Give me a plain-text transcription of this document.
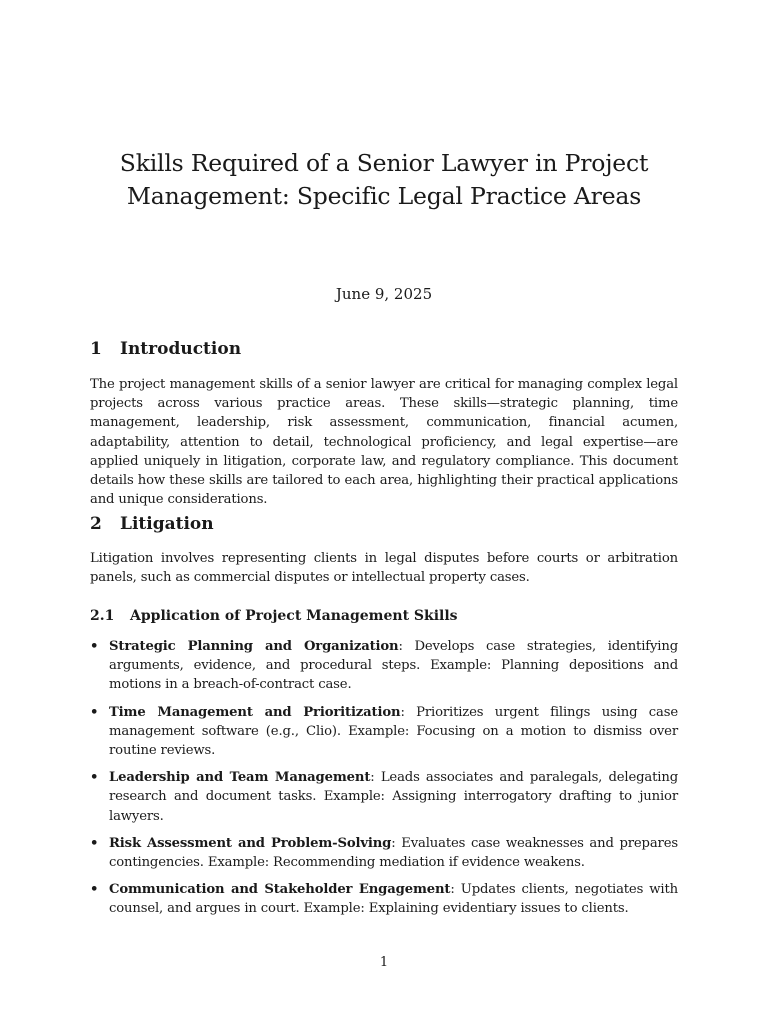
Skills Required of a Senior Lawyer in Project Management: Specific Legal Practice Areas
June 9, 2025
1 Introduction

The project management skills of a senior lawyer are critical for managing complex legal projects across various practice areas. These skills—strategic planning, time management, leadership, risk assessment, communication, financial acumen, adaptability, attention to detail, technological proficiency, and legal expertise—are applied uniquely in litigation, corporate law, and regulatory compliance. This document details how these skills are tailored to each area, highlighting their practical applications and unique considerations.

2 Litigation

Litigation involves representing clients in legal disputes before courts or arbitration panels, such as commercial disputes or intellectual property cases.

2.1 Application of Project Management Skills
• Strategic Planning and Organization: Develops case strategies, identifying arguments, evidence, and procedural steps. Example: Planning depositions and motions in a breach-of-contract case.
• Time Management and Prioritization: Prioritizes urgent filings using case management software (e.g., Clio). Example: Focusing on a motion to dismiss over routine reviews.
• Leadership and Team Management: Leads associates and paralegals, delegating research and document tasks. Example: Assigning interrogatory drafting to junior lawyers.
• Risk Assessment and Problem-Solving: Evaluates case weaknesses and prepares contingencies. Example: Recommending mediation if evidence weakens.
• Communication and Stakeholder Engagement: Updates clients, negotiates with counsel, and argues in court. Example: Explaining evidentiary issues to clients.
1
